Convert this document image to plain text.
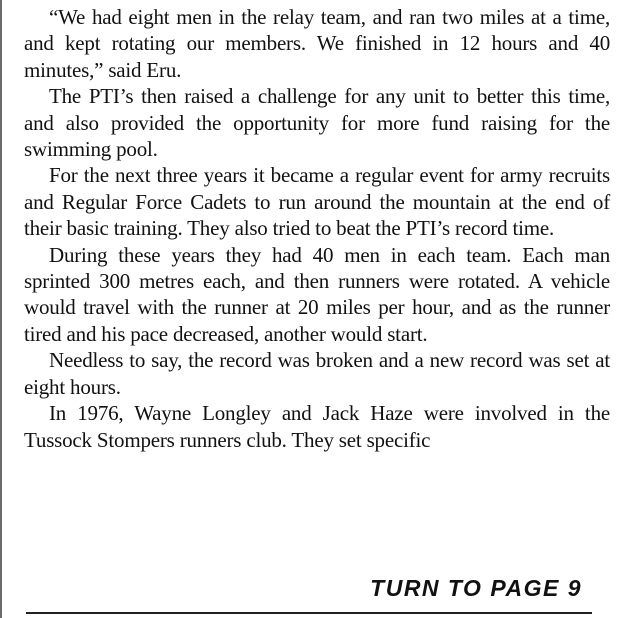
“We had eight men in the relay team, and ran two miles at a time, and kept rotating our members. We finished in 12 hours and 40 minutes,” said Eru.

The PTI’s then raised a challenge for any unit to better this time, and also provided the opportunity for more fund raising for the swimming pool.

For the next three years it became a regular event for army recruits and Regular Force Cadets to run around the mountain at the end of their basic training. They also tried to beat the PTI’s record time.

During these years they had 40 men in each team. Each man sprinted 300 metres each, and then runners were rotated. A vehicle would travel with the runner at 20 miles per hour, and as the runner tired and his pace decreased, another would start.

Needless to say, the record was broken and a new record was set at eight hours.

In 1976, Wayne Longley and Jack Haze were involved in the Tussock Stompers runners club. They set specific

TURN TO PAGE 9
